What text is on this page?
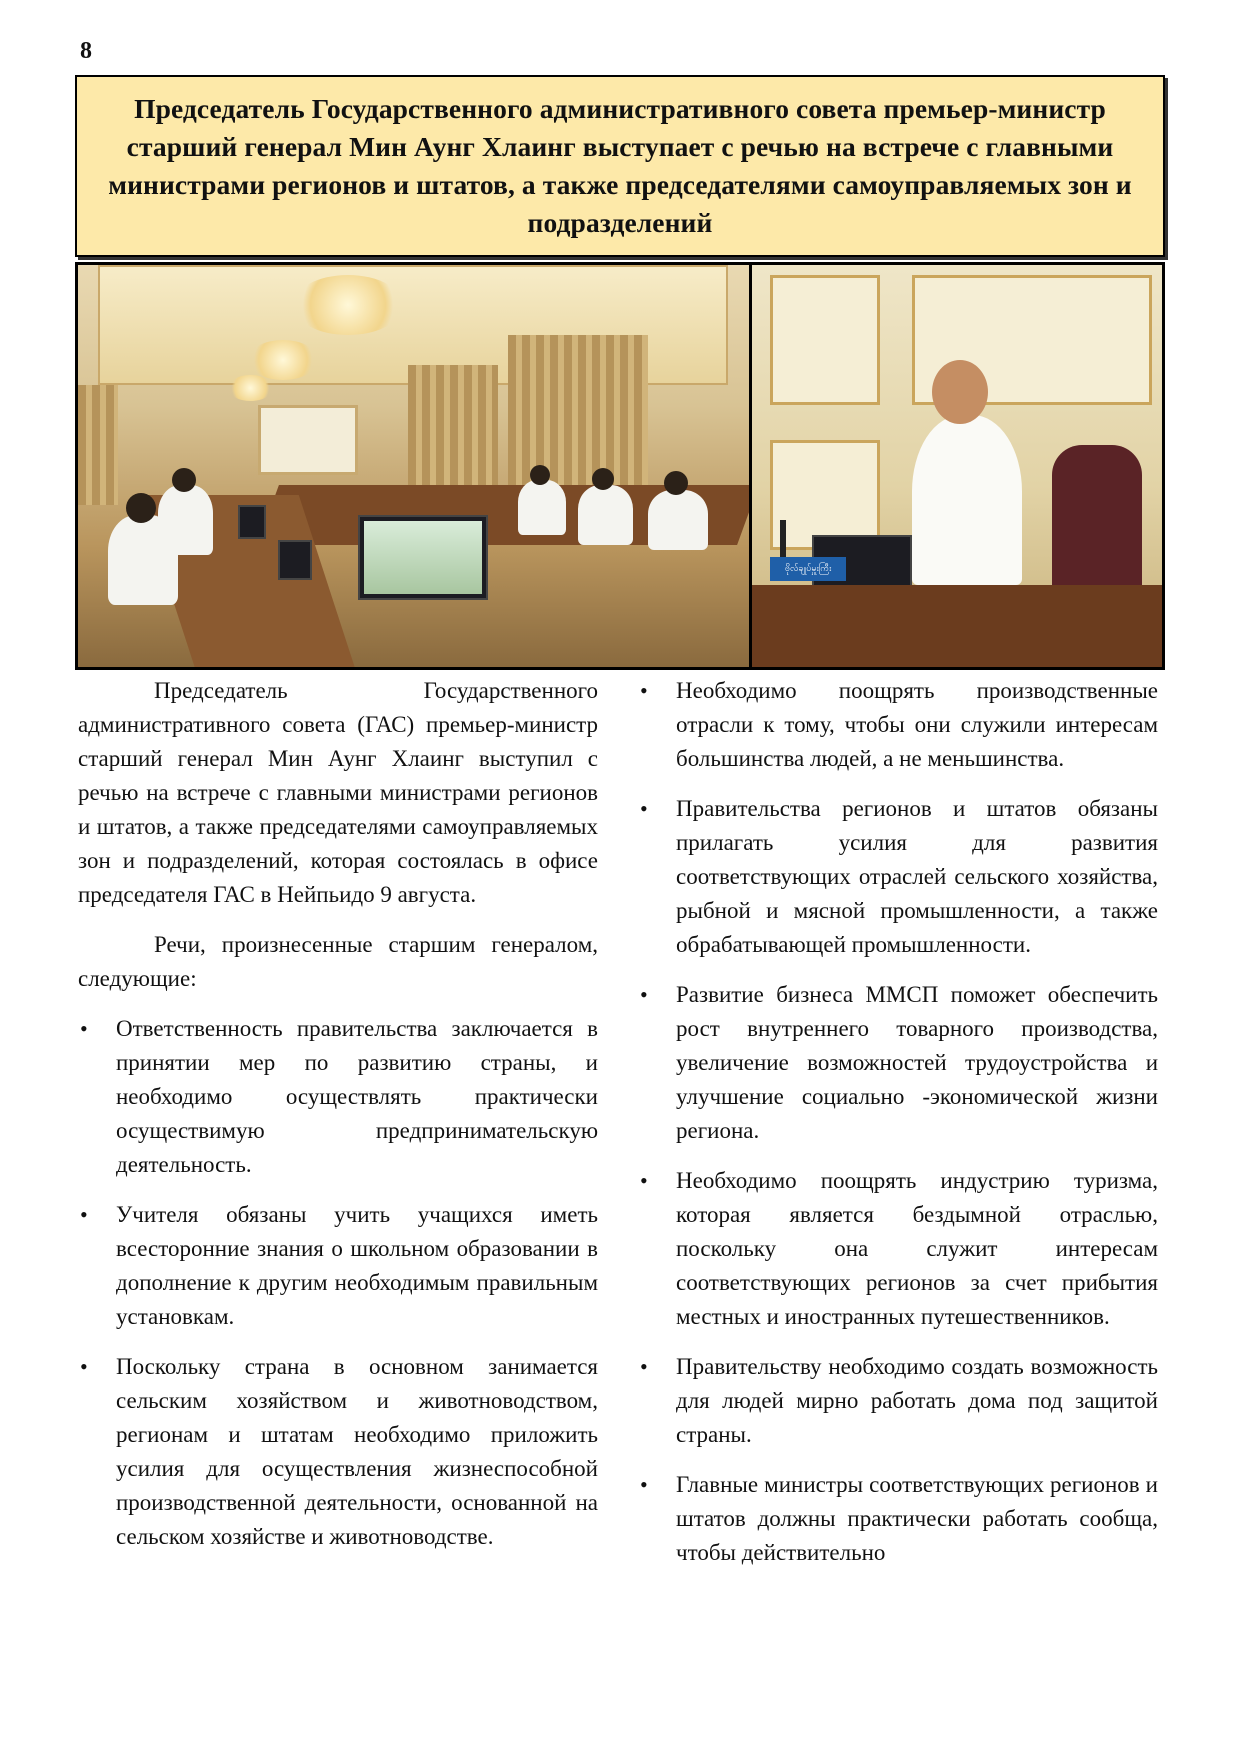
8
Председатель Государственного административного совета премьер-министр старший генерал Мин Аунг Хлаинг выступает с речью на встрече с главными министрами регионов и штатов, а также председателями самоуправляемых зон и подразделений
ဗိုလ်ချုပ်မှူးကြီး

Председатель Государственного административного совета (ГАС) премьер-министр старший генерал Мин Аунг Хлаинг выступил с речью на встрече с главными министрами регионов и штатов, а также председателями самоуправляемых зон и подразделений, которая состоялась в офисе председателя ГАС в Нейпьидо 9 августа.

Речи, произнесенные старшим генералом, следующие:

• Ответственность правительства заключается в принятии мер по развитию страны, и необходимо осуществлять практически осуществимую предпринимательскую деятельность.
• Учителя обязаны учить учащихся иметь всесторонние знания о школьном образовании в дополнение к другим необходимым правильным установкам.
• Поскольку страна в основном занимается сельским хозяйством и животноводством, регионам и штатам необходимо приложить усилия для осуществления жизнеспособной производственной деятельности, основанной на сельском хозяйстве и животноводстве.
• Необходимо поощрять производственные отрасли к тому, чтобы они служили интересам большинства людей, а не меньшинства.
• Правительства регионов и штатов обязаны прилагать усилия для развития соответствующих отраслей сельского хозяйства, рыбной и мясной промышленности, а также обрабатывающей промышленности.
• Развитие бизнеса ММСП поможет обеспечить рост внутреннего товарного производства, увеличение возможностей трудоустройства и улучшение социально -экономической жизни региона.
• Необходимо поощрять индустрию туризма, которая является бездымной отраслью, поскольку она служит интересам соответствующих регионов за счет прибытия местных и иностранных путешественников.
• Правительству необходимо создать возможность для людей мирно работать дома под защитой страны.
• Главные министры соответствующих регионов и штатов должны практически работать сообща, чтобы действительно
